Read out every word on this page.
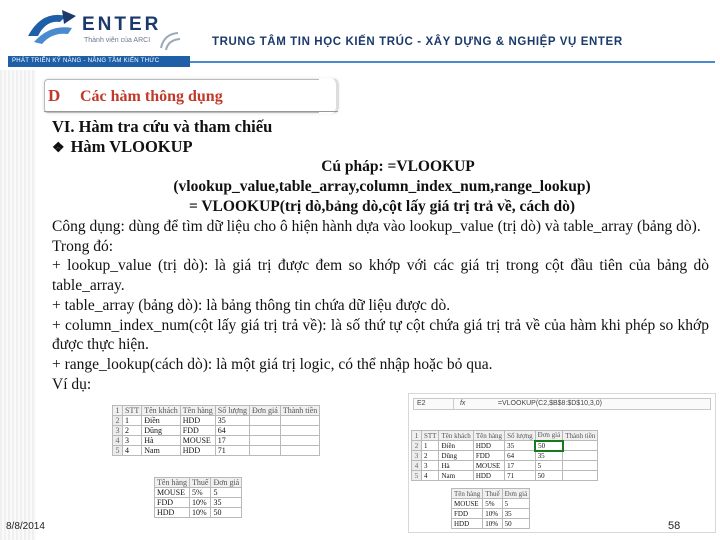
ENTER
Thành viên của ARCI
PHÁT TRIỂN KỸ NĂNG - NÂNG TẦM KIẾN THỨC
TRUNG TÂM TIN HỌC KIẾN TRÚC - XÂY DỰNG & NGHIỆP VỤ ENTER
D Các hàm thông dụng
VI. Hàm tra cứu và tham chiếu
❖ Hàm VLOOKUP
Cú pháp: =VLOOKUP
(vlookup_value,table_array,column_index_num,range_lookup)
= VLOOKUP(trị dò,bảng dò,cột lấy giá trị trả về, cách dò)

Công dụng: dùng để tìm dữ liệu cho ô hiện hành dựa vào lookup_value (trị dò) và table_array (bảng dò).

Trong đó:

+ lookup_value (trị dò): là giá trị được đem so khớp với các giá trị trong cột đầu tiên của bảng dò table_array.

+ table_array (bảng dò): là bảng thông tin chứa dữ liệu được dò.

+ column_index_num(cột lấy giá trị trả về): là số thứ tự cột chứa giá trị trả về của hàm khi phép so khớp được thực hiện.

+ range_lookup(cách dò): là một giá trị logic, có thể nhập hoặc bỏ qua.

Ví dụ:

1	STT	Tên khách	Tên hàng	Số lượng	Đơn giá	Thành tiền
2	1	Điền	HDD	35		
3	2	Dũng	FDD	64		
4	3	Hà	MOUSE	17		
5	4	Nam	HDD	71		
Tên hàng	Thuế	Đơn giá
MOUSE	5%	5
FDD	10%	35
HDD	10%	50
E2	fx	=VLOOKUP(C2,$B$8:$D$10,3,0)
1	STT	Tên khách	Tên hàng	Số lượng	Đơn giá	Thành tiền
2	1	Điền	HDD	35	50	
3	2	Dũng	FDD	64	35	
4	3	Hà	MOUSE	17	5	
5	4	Nam	HDD	71	50	
Tên hàng	Thuế	Đơn giá
MOUSE	5%	5
FDD	10%	35
HDD	10%	50
8/8/2014	58
